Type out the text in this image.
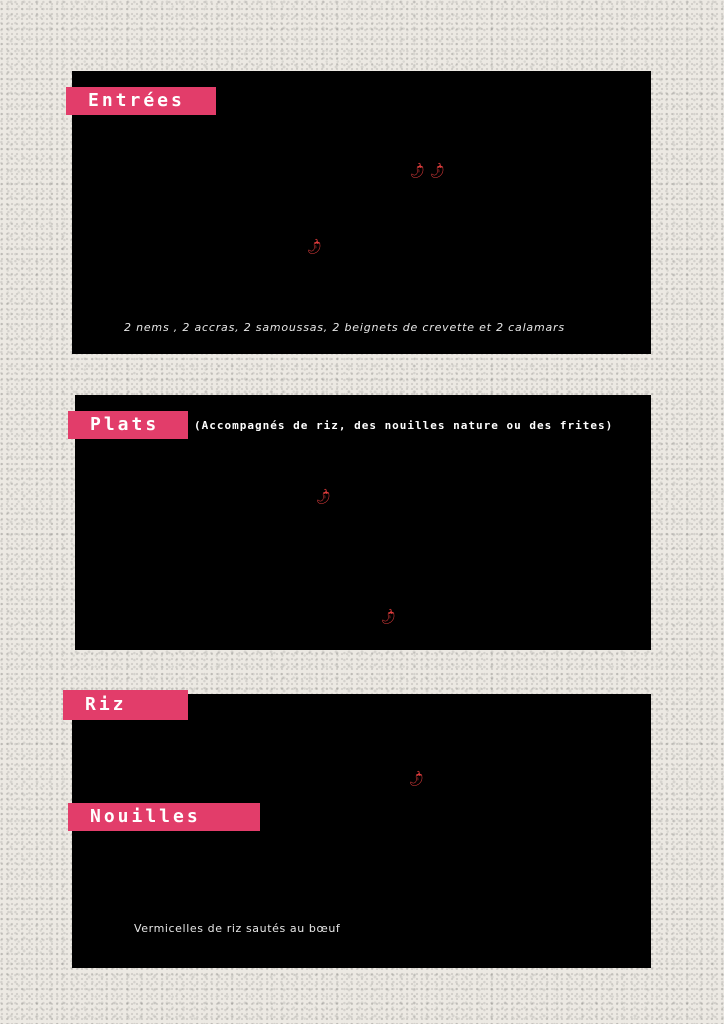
Entrées
• Rouleau de printemps	4,50€
• Nems au porc, poulet ou légumes x4	5,50€
• Samoussas au bœuf piquants x4 🌶🌶	5,50€
• Samoussa aux légumes x4	5,50€
• Beignets de crevettes x4	5,50€
• Beignets de légumes	5,50€
• Accras de morue x4 🌶	5,50€
• Crabes farcies	6,50€
• Mix vapeur au porc et crevettes x6	7,50€
• Mix asie x 10	13,50€
2 nems , 2 accras, 2 samoussas, 2 beignets de crevette et 2 calamars
Plats	(Accompagnés de riz, des nouilles nature ou des frites)
• Porc au caramel	12,50€
• Bœuf aux oignons	12,50€
• Bœuf piquant thaï 🌶	12,50€
• Poulet au curry	12,50€
• Poulet aux champignons noirs	12,50€
• Poulet aux amandes	12,50€
• Canard laqué	14,50€
• Crevettes en sauce aigre-douce	14,50€
• Crevettes piquantes thaï 🌶	14,50€
Riz
• Riz nature	3,00€
• Riz cantonnais	5,50€
• Riz sauté piquant au poulet 🌶	6,50€
Nouilles
• Nouilles sautés aux légumes	7,50€
• Nouilles sautés au poulet	12,50€
• Nouilles sautés aux crevettes	12,50€
• Phò' Xao	12,50€
Vermicelles de riz sautés au bœuf
